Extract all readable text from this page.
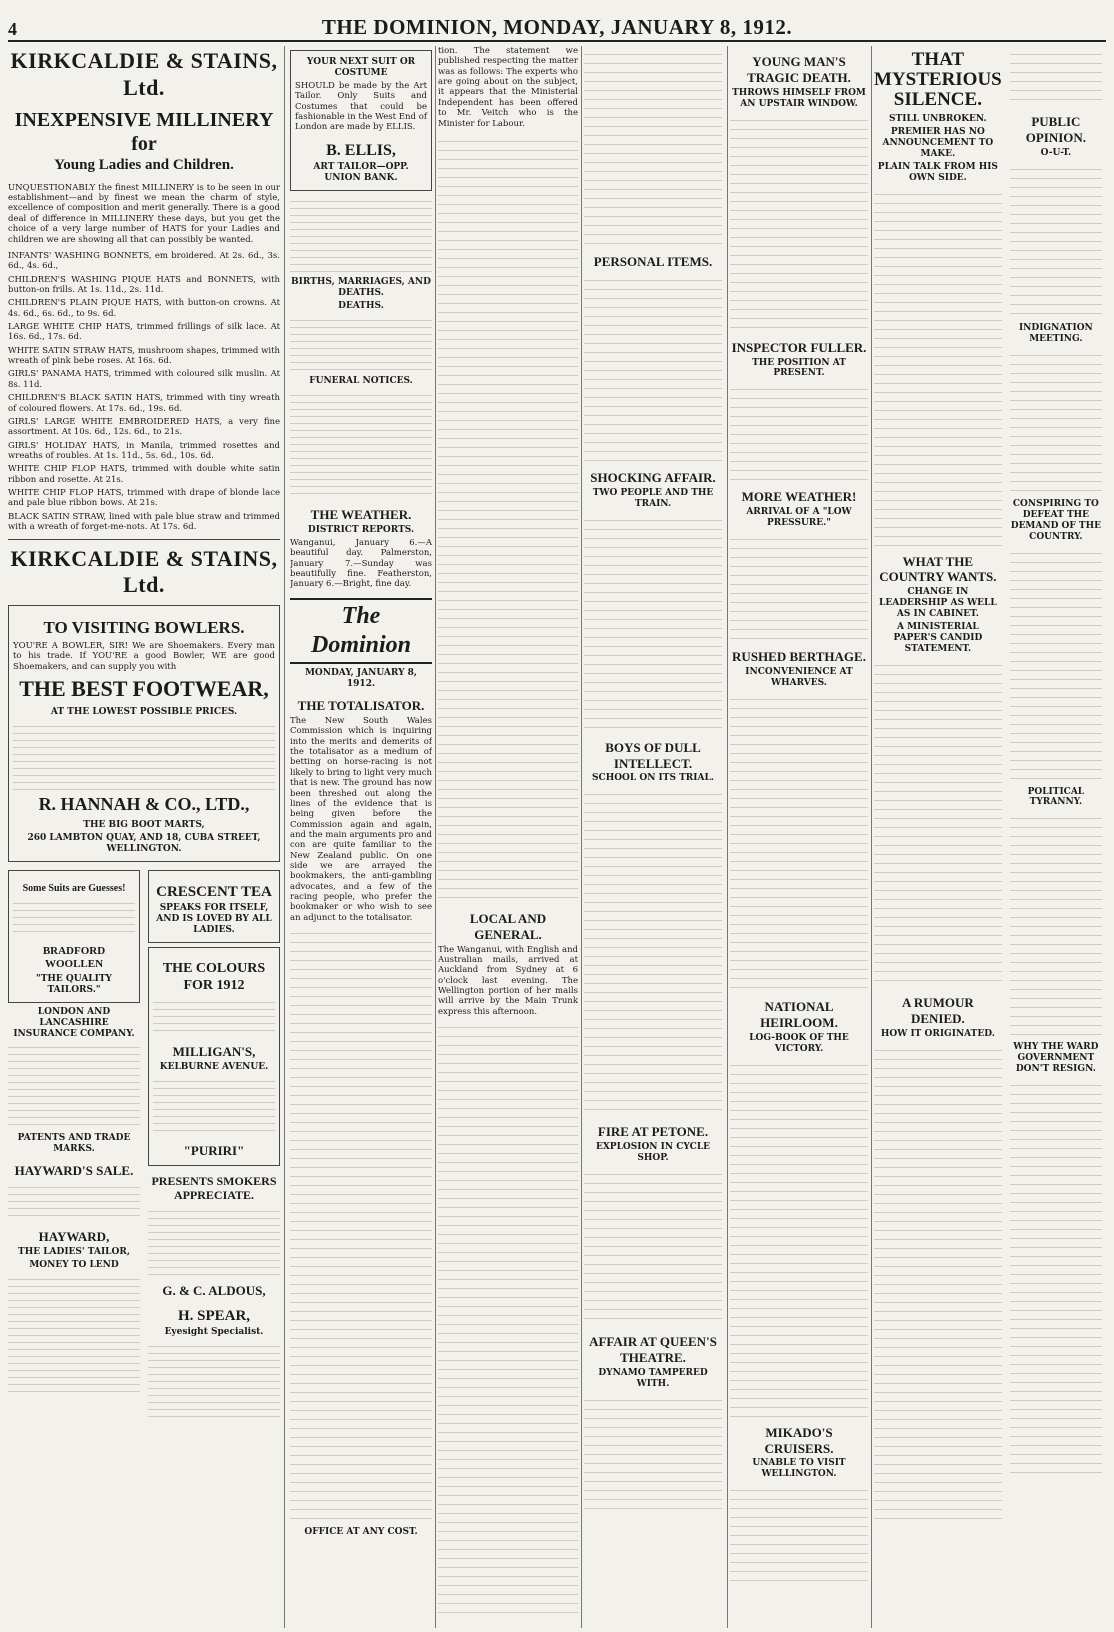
4	THE DOMINION, MONDAY, JANUARY 8, 1912.
KIRKCALDIE & STAINS, Ltd.
INEXPENSIVE MILLINERY for
Young Ladies and Children.

UNQUESTIONABLY the finest MILLINERY is to be seen in our establishment—and by finest we mean the charm of style, excellence of composition and merit generally. There is a good deal of difference in MILLINERY these days, but you get the choice of a very large number of HATS for your Ladies and children we are showing all that can possibly be wanted.

INFANTS' WASHING BONNETS, em broidered. At 2s. 6d., 3s. 6d., 4s. 6d.,
CHILDREN'S WASHING PIQUE HATS and BONNETS, with button-on frills. At 1s. 11d., 2s. 11d.
CHILDREN'S PLAIN PIQUE HATS, with button-on crowns. At 4s. 6d., 6s. 6d., to 9s. 6d.
LARGE WHITE CHIP HATS, trimmed frillings of silk lace. At 16s. 6d., 17s. 6d.
WHITE SATIN STRAW HATS, mushroom shapes, trimmed with wreath of pink bebe roses. At 16s. 6d.
GIRLS' PANAMA HATS, trimmed with coloured silk muslin. At 8s. 11d.
CHILDREN'S BLACK SATIN HATS, trimmed with tiny wreath of coloured flowers. At 17s. 6d., 19s. 6d.
GIRLS' LARGE WHITE EMBROIDERED HATS, a very fine assortment. At 10s. 6d., 12s. 6d., to 21s.
GIRLS' HOLIDAY HATS, in Manila, trimmed rosettes and wreaths of roubles. At 1s. 11d., 5s. 6d., 10s. 6d.
WHITE CHIP FLOP HATS, trimmed with double white satin ribbon and rosette. At 21s.
WHITE CHIP FLOP HATS, trimmed with drape of blonde lace and pale blue ribbon bows. At 21s.
BLACK SATIN STRAW, lined with pale blue straw and trimmed with a wreath of forget-me-nots. At 17s. 6d.
KIRKCALDIE & STAINS, Ltd.
TO VISITING BOWLERS.

YOU'RE A BOWLER, SIR! We are Shoemakers. Every man to his trade. If YOU'RE a good Bowler, WE are good Shoemakers, and can supply you with

THE BEST FOOTWEAR,
AT THE LOWEST POSSIBLE PRICES.
R. HANNAH & CO., LTD.,
THE BIG BOOT MARTS,
260 LAMBTON QUAY, AND 18, CUBA STREET, WELLINGTON.
Some Suits are Guesses!
BRADFORD WOOLLEN
"THE QUALITY TAILORS."
LONDON AND LANCASHIRE INSURANCE COMPANY.
PATENTS AND TRADE MARKS.
HAYWARD'S SALE.
HAYWARD,
THE LADIES' TAILOR,
MONEY TO LEND
CRESCENT TEA
SPEAKS FOR ITSELF, AND IS LOVED BY ALL LADIES.
THE COLOURS FOR 1912
MILLIGAN'S,
KELBURNE AVENUE.
"PURIRI"
PRESENTS SMOKERS APPRECIATE.
G. & C. ALDOUS,
H. SPEAR,
Eyesight Specialist.
YOUR NEXT SUIT OR COSTUME

SHOULD be made by the Art Tailor. Only Suits and Costumes that could be fashionable in the West End of London are made by ELLIS.

B. ELLIS,
ART TAILOR—OPP. UNION BANK.
BIRTHS, MARRIAGES, AND DEATHS.
DEATHS.
FUNERAL NOTICES.
THE WEATHER.
DISTRICT REPORTS.

Wanganui, January 6.—A beautiful day. Palmerston, January 7.—Sunday was beautifully fine. Featherston, January 6.—Bright, fine day.

The Dominion
MONDAY, JANUARY 8, 1912.
THE TOTALISATOR.

The New South Wales Commission which is inquiring into the merits and demerits of the totalisator as a medium of betting on horse-racing is not likely to bring to light very much that is new. The ground has now been threshed out along the lines of the evidence that is being given before the Commission again and again, and the main arguments pro and con are quite familiar to the New Zealand public. On one side we are arrayed the bookmakers, the anti-gambling advocates, and a few of the racing people, who prefer the bookmaker or who wish to see an adjunct to the totalisator.

OFFICE AT ANY COST.

tion. The statement we published respecting the matter was as follows: The experts who are going about on the subject, it appears that the Ministerial Independent has been offered to Mr. Veitch who is the Minister for Labour.

LOCAL AND GENERAL.

The Wanganui, with English and Australian mails, arrived at Auckland from Sydney at 6 o'clock last evening. The Wellington portion of her mails will arrive by the Main Trunk express this afternoon.

PERSONAL ITEMS.
SHOCKING AFFAIR.
TWO PEOPLE AND THE TRAIN.
BOYS OF DULL INTELLECT.
SCHOOL ON ITS TRIAL.
FIRE AT PETONE.
EXPLOSION IN CYCLE SHOP.
AFFAIR AT QUEEN'S THEATRE.
DYNAMO TAMPERED WITH.
YOUNG MAN'S TRAGIC DEATH.
THROWS HIMSELF FROM AN UPSTAIR WINDOW.
INSPECTOR FULLER.
THE POSITION AT PRESENT.
MORE WEATHER!
ARRIVAL OF A "LOW PRESSURE."
RUSHED BERTHAGE.
INCONVENIENCE AT WHARVES.
NATIONAL HEIRLOOM.
LOG-BOOK OF THE VICTORY.
MIKADO'S CRUISERS.
UNABLE TO VISIT WELLINGTON.
THAT MYSTERIOUS SILENCE.
STILL UNBROKEN.
PREMIER HAS NO ANNOUNCEMENT TO MAKE.
PLAIN TALK FROM HIS OWN SIDE.
WHAT THE COUNTRY WANTS.
CHANGE IN LEADERSHIP AS WELL AS IN CABINET.
A MINISTERIAL PAPER'S CANDID STATEMENT.
A RUMOUR DENIED.
HOW IT ORIGINATED.
PUBLIC OPINION.
O-U-T.
INDIGNATION MEETING.
CONSPIRING TO DEFEAT THE DEMAND OF THE COUNTRY.
POLITICAL TYRANNY.
WHY THE WARD GOVERNMENT DON'T RESIGN.
